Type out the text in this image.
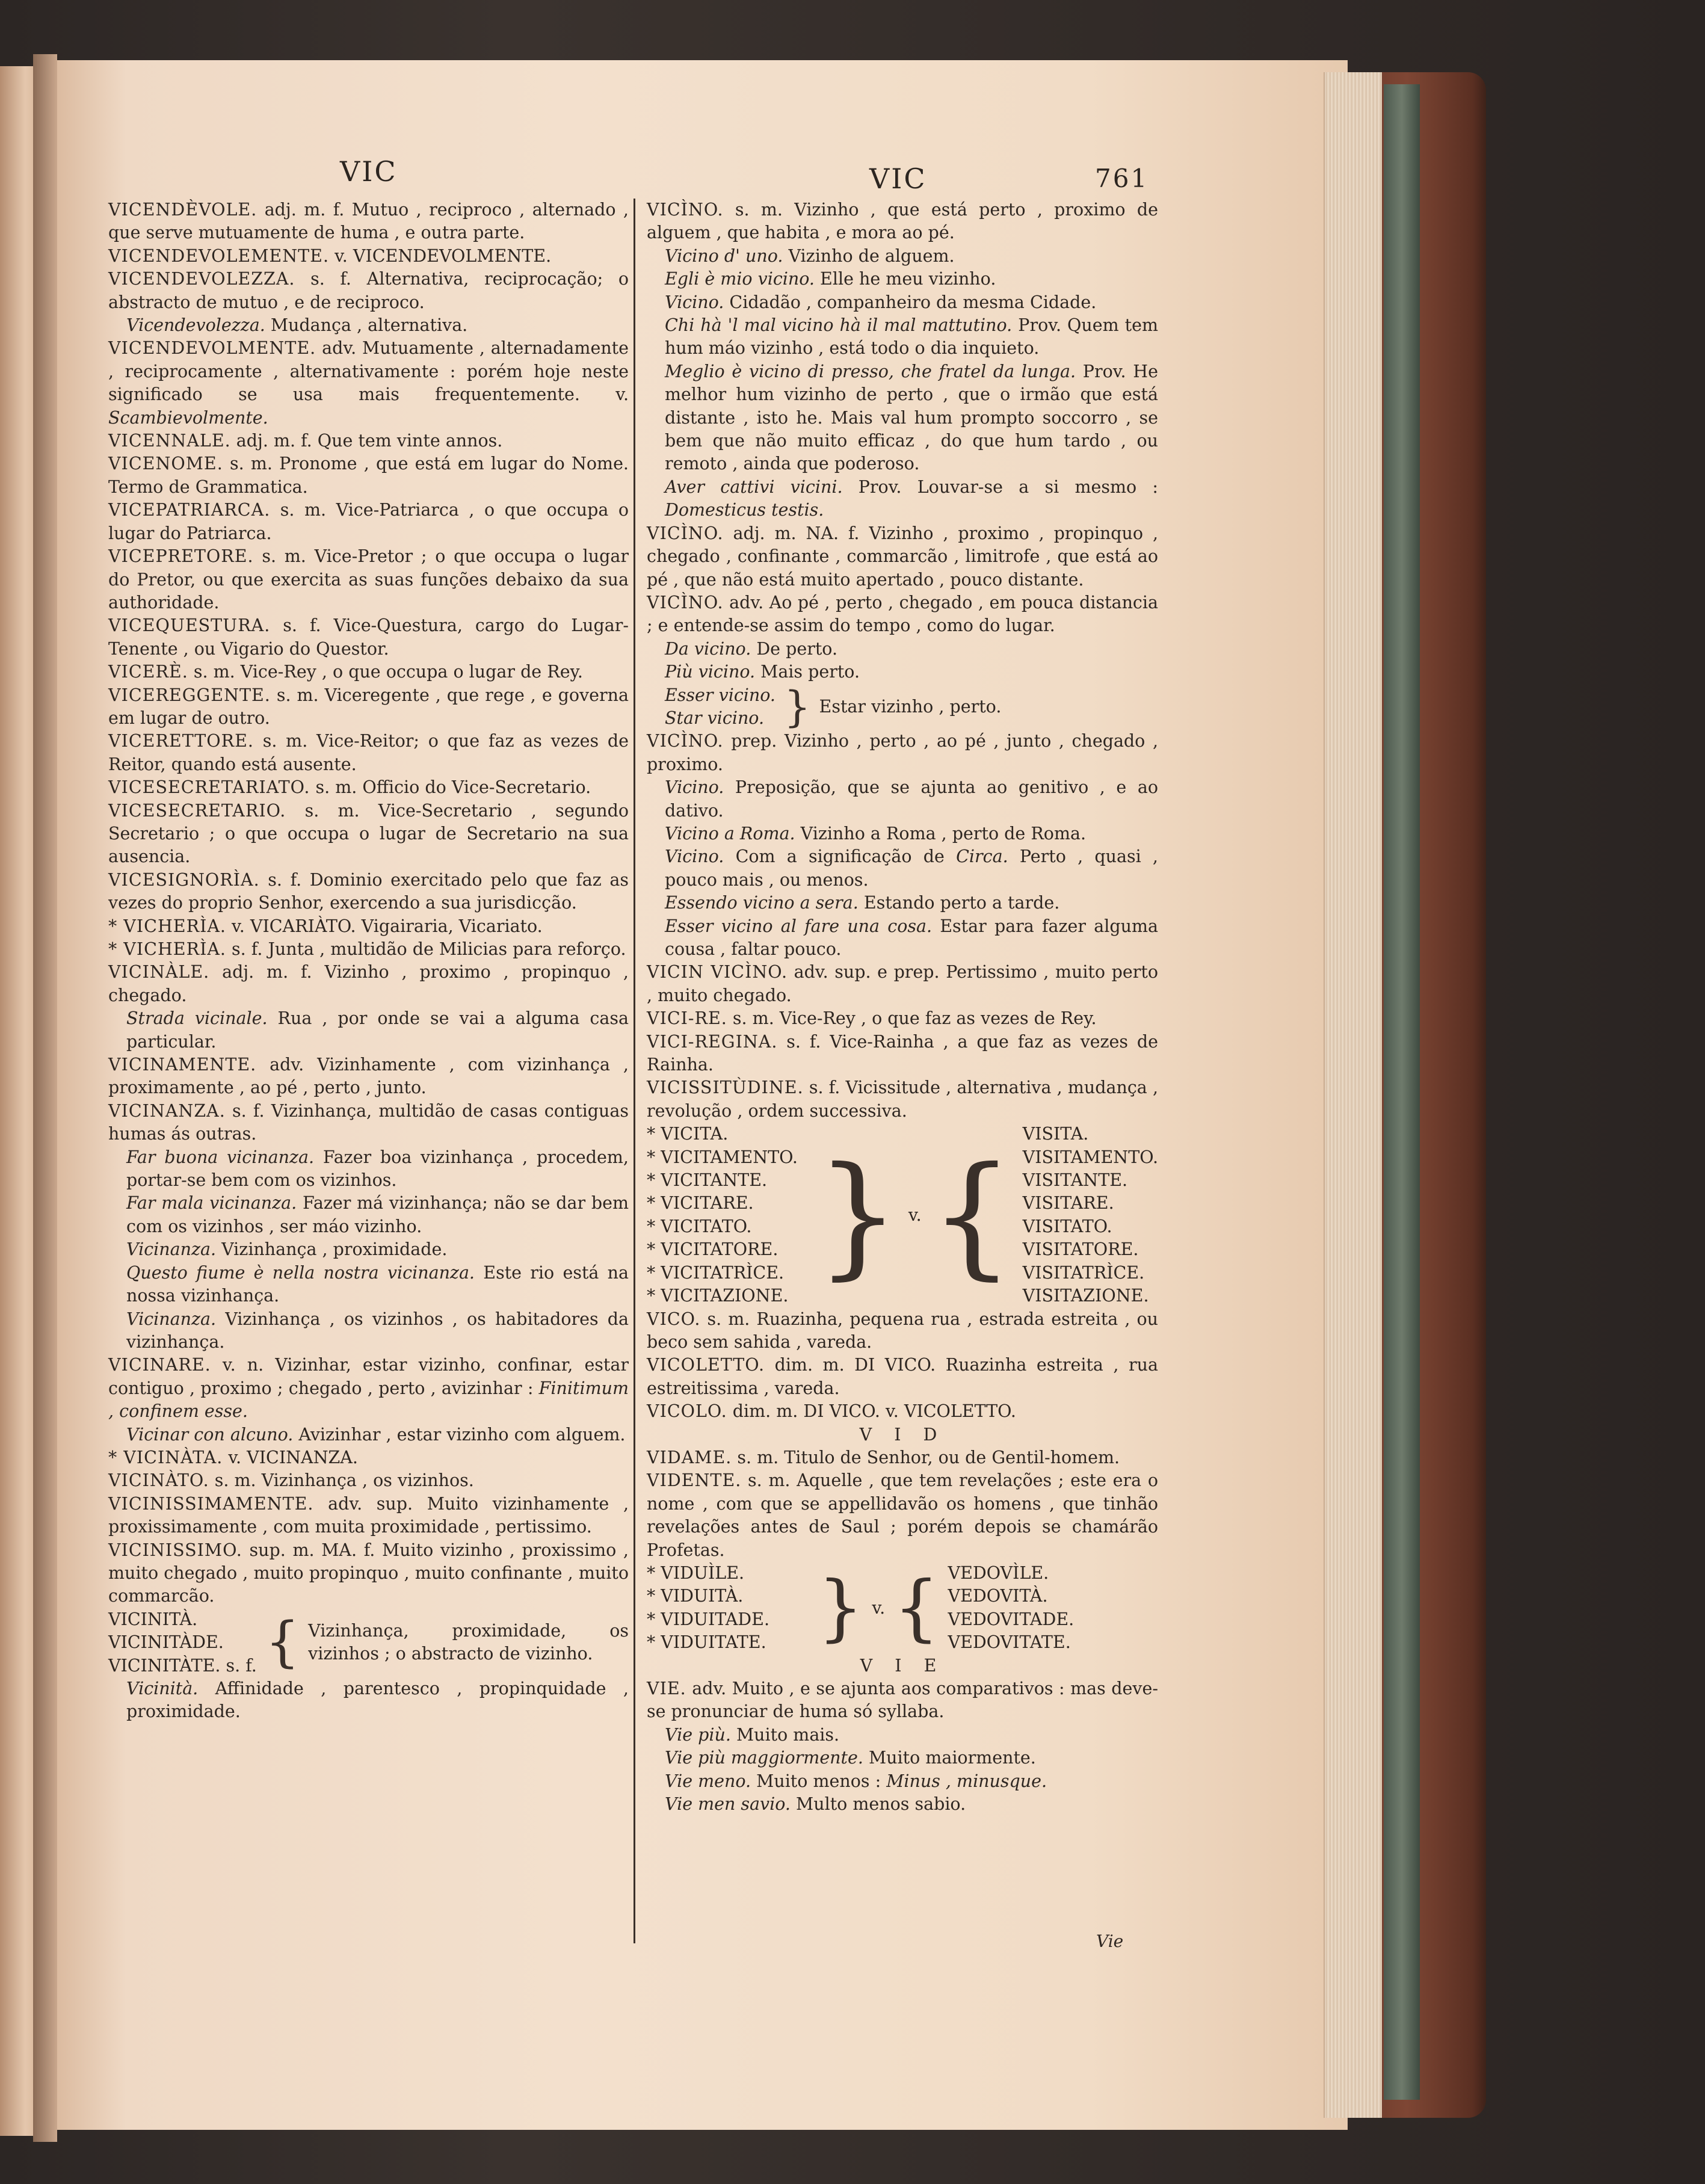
VIC	VIC	761
VICENDÈVOLE. adj. m. f. Mutuo , reciproco , alternado , que serve mutuamente de huma , e outra parte.
VICENDEVOLEMENTE. v. VICENDEVOLMENTE.
VICENDEVOLEZZA. s. f. Alternativa, reciprocação; o abstracto de mutuo , e de reciproco.
Vicendevolezza. Mudança , alternativa.
VICENDEVOLMENTE. adv. Mutuamente , alternadamente , reciprocamente , alternativamente : porém hoje neste significado se usa mais frequentemente. v. Scambievolmente.
VICENNALE. adj. m. f. Que tem vinte annos.
VICENOME. s. m. Pronome , que está em lugar do Nome. Termo de Grammatica.
VICEPATRIARCA. s. m. Vice-Patriarca , o que occupa o lugar do Patriarca.
VICEPRETORE. s. m. Vice-Pretor ; o que occupa o lugar do Pretor, ou que exercita as suas funções debaixo da sua authoridade.
VICEQUESTURA. s. f. Vice-Questura, cargo do Lugar-Tenente , ou Vigario do Questor.
VICERÈ. s. m. Vice-Rey , o que occupa o lugar de Rey.
VICEREGGENTE. s. m. Viceregente , que rege , e governa em lugar de outro.
VICERETTORE. s. m. Vice-Reitor; o que faz as vezes de Reitor, quando está ausente.
VICESECRETARIATO. s. m. Officio do Vice-Secretario.
VICESECRETARIO. s. m. Vice-Secretario , segundo Secretario ; o que occupa o lugar de Secretario na sua ausencia.
VICESIGNORÌA. s. f. Dominio exercitado pelo que faz as vezes do proprio Senhor, exercendo a sua jurisdicção.
* VICHERÌA. v. VICARIÀTO. Vigairaria, Vicariato.
* VICHERÌA. s. f. Junta , multidão de Milicias para reforço.
VICINÀLE. adj. m. f. Vizinho , proximo , propinquo , chegado.
Strada vicinale. Rua , por onde se vai a alguma casa particular.
VICINAMENTE. adv. Vizinhamente , com vizinhança , proximamente , ao pé , perto , junto.
VICINANZA. s. f. Vizinhança, multidão de casas contiguas humas ás outras.
Far buona vicinanza. Fazer boa vizinhança , procedem, portar-se bem com os vizinhos.
Far mala vicinanza. Fazer má vizinhança; não se dar bem com os vizinhos , ser máo vizinho.
Vicinanza. Vizinhança , proximidade.
Questo fiume è nella nostra vicinanza. Este rio está na nossa vizinhança.
Vicinanza. Vizinhança , os vizinhos , os habitadores da vizinhança.
VICINARE. v. n. Vizinhar, estar vizinho, confinar, estar contiguo , proximo ; chegado , perto , avizinhar : Finitimum , confinem esse.
Vicinar con alcuno. Avizinhar , estar vizinho com alguem.
* VICINÀTA. v. VICINANZA.
VICINÀTO. s. m. Vizinhança , os vizinhos.
VICINISSIMAMENTE. adv. sup. Muito vizinhamente , proxissimamente , com muita proximidade , pertissimo.
VICINISSIMO. sup. m. MA. f. Muito vizinho , proxissimo , muito chegado , muito propinquo , muito confinante , muito commarcão.
VICINITÀ.
VICINITÀDE.
VICINITÀTE. s. f. { Vizinhança, proximidade, os vizinhos ; o abstracto de vizinho.
Vicinità. Affinidade , parentesco , propinquidade , proximidade.
VICÌNO. s. m. Vizinho , que está perto , proximo de alguem , que habita , e mora ao pé.
Vicino d' uno. Vizinho de alguem.
Egli è mio vicino. Elle he meu vizinho.
Vicino. Cidadão , companheiro da mesma Cidade.
Chi hà 'l mal vicino hà il mal mattutino. Prov. Quem tem hum máo vizinho , está todo o dia inquieto.
Meglio è vicino di presso, che fratel da lunga. Prov. He melhor hum vizinho de perto , que o irmão que está distante , isto he. Mais val hum prompto soccorro , se bem que não muito efficaz , do que hum tardo , ou remoto , ainda que poderoso.
Aver cattivi vicini. Prov. Louvar-se a si mesmo : Domesticus testis.
VICÌNO. adj. m. NA. f. Vizinho , proximo , propinquo , chegado , confinante , commarcão , limitrofe , que está ao pé , que não está muito apertado , pouco distante.
VICÌNO. adv. Ao pé , perto , chegado , em pouca distancia ; e entende-se assim do tempo , como do lugar.
Da vicino. De perto.
Più vicino. Mais perto.
Esser vicino.
Star vicino. } Estar vizinho , perto.
VICÌNO. prep. Vizinho , perto , ao pé , junto , chegado , proximo.
Vicino. Preposição, que se ajunta ao genitivo , e ao dativo.
Vicino a Roma. Vizinho a Roma , perto de Roma.
Vicino. Com a significação de Circa. Perto , quasi , pouco mais , ou menos.
Essendo vicino a sera. Estando perto a tarde.
Esser vicino al fare una cosa. Estar para fazer alguma cousa , faltar pouco.
VICIN VICÌNO. adv. sup. e prep. Pertissimo , muito perto , muito chegado.
VICI-RE. s. m. Vice-Rey , o que faz as vezes de Rey.
VICI-REGINA. s. f. Vice-Rainha , a que faz as vezes de Rainha.
VICISSITÙDINE. s. f. Vicissitude , alternativa , mudança , revolução , ordem successiva.
* VICITA.
* VICITAMENTO.
* VICITANTE.
* VICITARE.
* VICITATO.
* VICITATORE.
* VICITATRÌCE.
* VICITAZIONE.
} v. {
VISITA.
VISITAMENTO.
VISITANTE.
VISITARE.
VISITATO.
VISITATORE.
VISITATRÌCE.
VISITAZIONE.
VICO. s. m. Ruazinha, pequena rua , estrada estreita , ou beco sem sahida , vareda.
VICOLETTO. dim. m. DI VICO. Ruazinha estreita , rua estreitissima , vareda.
VICOLO. dim. m. DI VICO. v. VICOLETTO.
V I D
VIDAME. s. m. Titulo de Senhor, ou de Gentil-homem.
VIDENTE. s. m. Aquelle , que tem revelações ; este era o nome , com que se appellidavão os homens , que tinhão revelações antes de Saul ; porém depois se chamárão Profetas.
* VIDUÌLE.
* VIDUITÀ.
* VIDUITADE.
* VIDUITATE. } v. { VEDOVÌLE.
VEDOVITÀ.
VEDOVITADE.
VEDOVITATE.
V I E
VIE. adv. Muito , e se ajunta aos comparativos : mas deve-se pronunciar de huma só syllaba.
Vie più. Muito mais.
Vie più maggiormente. Muito maiormente.
Vie meno. Muito menos : Minus , minusque.
Vie men savio. Multo menos sabio.
Vie
